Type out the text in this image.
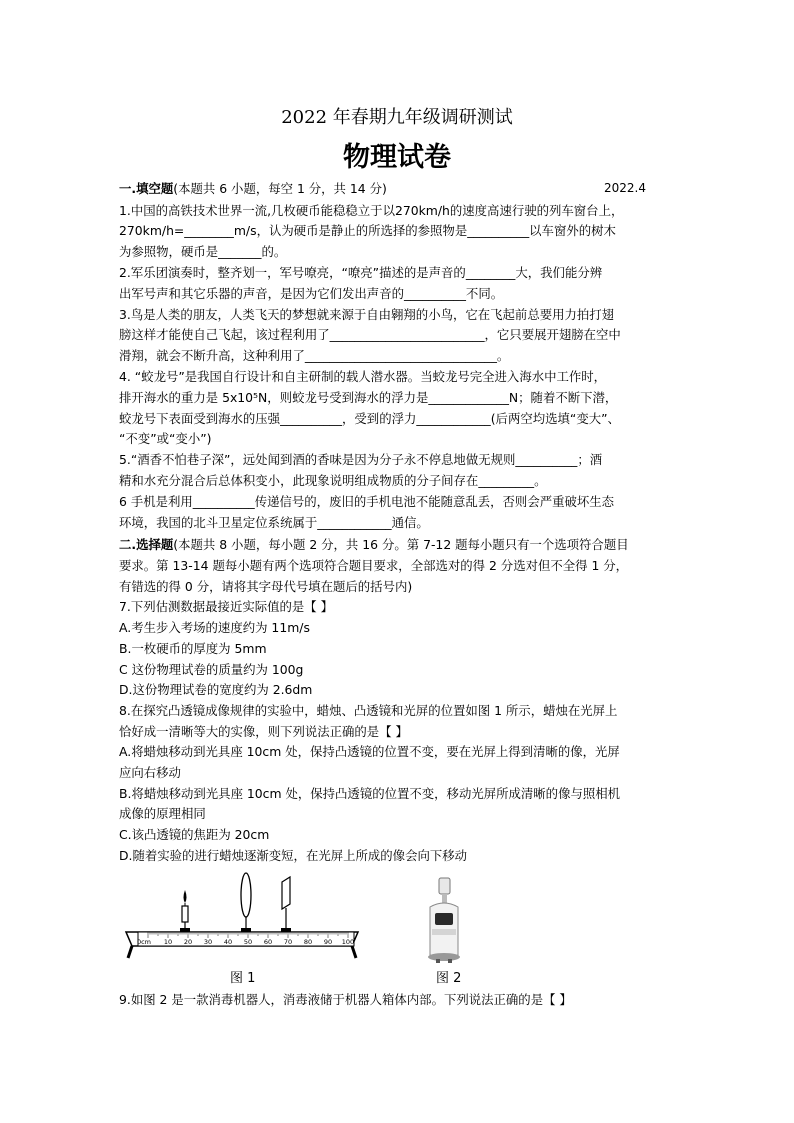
2022 年春期九年级调研测试
物理试卷
一.填空题(本题共 6 小题，每空 1 分，共 14 分)	2022.4
1.中国的高铁技术世界一流,几枚硬币能稳稳立于以270km/h的速度高速行驶的列车窗台上，
270km/h=________m/s，认为硬币是静止的所选择的参照物是__________以车窗外的树木
为参照物，硬币是_______的。
2.军乐团演奏时，整齐划一，军号嘹亮，“嘹亮”描述的是声音的________大，我们能分辨
出军号声和其它乐器的声音，是因为它们发出声音的__________不同。
3.鸟是人类的朋友，人类飞天的梦想就来源于自由翱翔的小鸟，它在飞起前总要用力拍打翅
膀这样才能使自己飞起，该过程利用了_________________________，它只要展开翅膀在空中
滑翔，就会不断升高，这种利用了_______________________________。
4. “蛟龙号”是我国自行设计和自主研制的载人潜水器。当蛟龙号完全进入海水中工作时，
排开海水的重力是 5x10⁵N，则蛟龙号受到海水的浮力是_____________N；随着不断下潜，
蛟龙号下表面受到海水的压强__________，受到的浮力____________(后两空均选填“变大”、
“不变”或“变小”)
5.“酒香不怕巷子深”，远处闻到酒的香味是因为分子永不停息地做无规则__________；酒
精和水充分混合后总体积变小，此现象说明组成物质的分子间存在_________。
6 手机是利用__________传递信号的，废旧的手机电池不能随意乱丢，否则会严重破坏生态
环境，我国的北斗卫星定位系统属于____________通信。
二.选择题(本题共 8 小题，每小题 2 分，共 16 分。第 7-12 题每小题只有一个选项符合题目
要求。第 13-14 题每小题有两个选项符合题目要求，全部选对的得 2 分选对但不全得 1 分，
有错选的得 0 分，请将其字母代号填在题后的括号内)
7.下列估测数据最接近实际值的是【 】
A.考生步入考场的速度约为 11m/s
B.一枚硬币的厚度为 5mm
C 这份物理试卷的质量约为 100g
D.这份物理试卷的宽度约为 2.6dm
8.在探究凸透镜成像规律的实验中，蜡烛、凸透镜和光屏的位置如图 1 所示，蜡烛在光屏上
恰好成一清晰等大的实像，则下列说法正确的是【 】
A.将蜡烛移动到光具座 10cm 处，保持凸透镜的位置不变，要在光屏上得到清晰的像，光屏
应向右移动
B.将蜡烛移动到光具座 10cm 处，保持凸透镜的位置不变，移动光屏所成清晰的像与照相机
成像的原理相同
C.该凸透镜的焦距为 20cm
D.随着实验的进行蜡烛逐渐变短，在光屏上所成的像会向下移动
0cm 10 20 30 40 50 60 70 80 90 100
图 1	图 2
9.如图 2 是一款消毒机器人，消毒液储于机器人箱体内部。下列说法正确的是【 】
